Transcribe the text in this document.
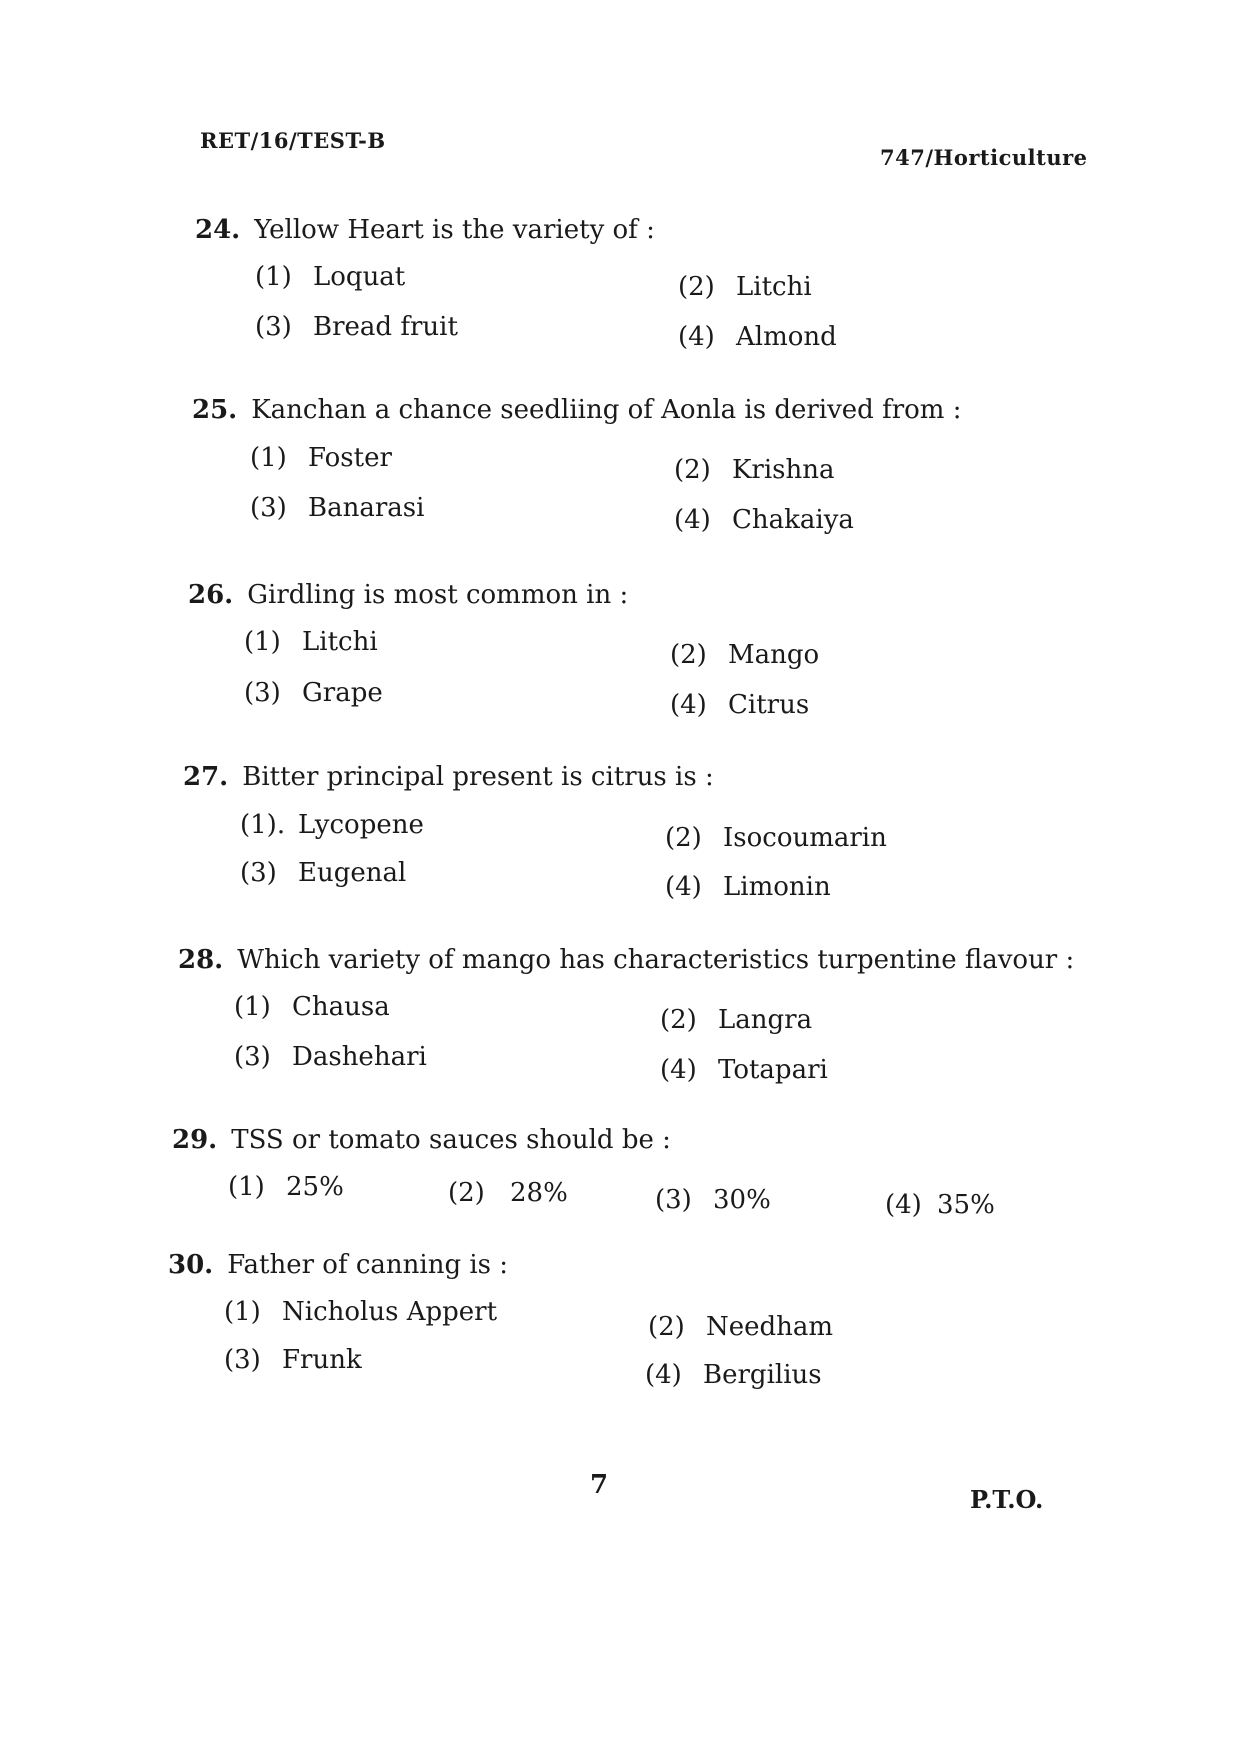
RET/16/TEST-B
747/Horticulture
24. Yellow Heart is the variety of :
(1) Loquat	(2) Litchi
(3) Bread fruit	(4) Almond
25. Kanchan a chance seedliing of Aonla is derived from :
(1) Foster	(2) Krishna
(3) Banarasi	(4) Chakaiya
26. Girdling is most common in :
(1) Litchi	(2) Mango
(3) Grape	(4) Citrus
27. Bitter principal present is citrus is :
(1). Lycopene	(2) Isocoumarin
(3) Eugenal	(4) Limonin
28. Which variety of mango has characteristics turpentine flavour :
(1) Chausa	(2) Langra
(3) Dashehari	(4) Totapari
29. TSS or tomato sauces should be :
(1) 25%	(2) 28%	(3) 30%	(4) 35%
30. Father of canning is :
(1) Nicholus Appert	(2) Needham
(3) Frunk	(4) Bergilius
7	P.T.O.
